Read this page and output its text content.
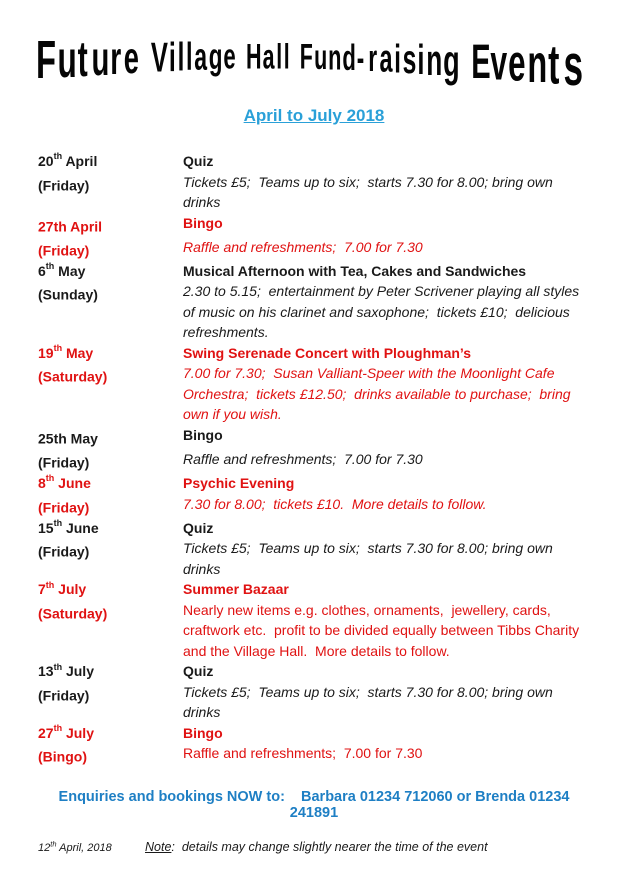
F u t u r e V i l l a g e H a l l F u n d - r a i s i n g E v e n t s
April to July 2018
20th April	Quiz
(Friday)	Tickets £5;  Teams up to six;  starts 7.30 for 8.00; bring own drinks
27th April	Bingo
(Friday)	Raffle and refreshments;  7.00 for 7.30
6th May	Musical Afternoon with Tea, Cakes and Sandwiches
(Sunday)	2.30 to 5.15;  entertainment by Peter Scrivener playing all styles of music on his clarinet and saxophone;  tickets £10;  delicious refreshments.
19th May	Swing Serenade Concert with Ploughman’s
(Saturday)	7.00 for 7.30;  Susan Valliant-Speer with the Moonlight Cafe Orchestra;  tickets £12.50;  drinks available to purchase;  bring own if you wish.
25th May	Bingo
(Friday)	Raffle and refreshments;  7.00 for 7.30
8th June	Psychic Evening
(Friday)	7.30 for 8.00;  tickets £10.  More details to follow.
15th June	Quiz
(Friday)	Tickets £5;  Teams up to six;  starts 7.30 for 8.00; bring own drinks
7th July	Summer Bazaar
(Saturday)	Nearly new items e.g. clothes, ornaments,  jewellery, cards, craftwork etc.  profit to be divided equally between Tibbs Charity and the Village Hall.  More details to follow.
13th July	Quiz
(Friday)	Tickets £5;  Teams up to six;  starts 7.30 for 8.00; bring own drinks
27th July	Bingo
(Bingo)	Raffle and refreshments;  7.00 for 7.30
Enquiries and bookings NOW to:    Barbara 01234 712060 or Brenda 01234 241891
12th April, 2018	Note:  details may change slightly nearer the time of the event
